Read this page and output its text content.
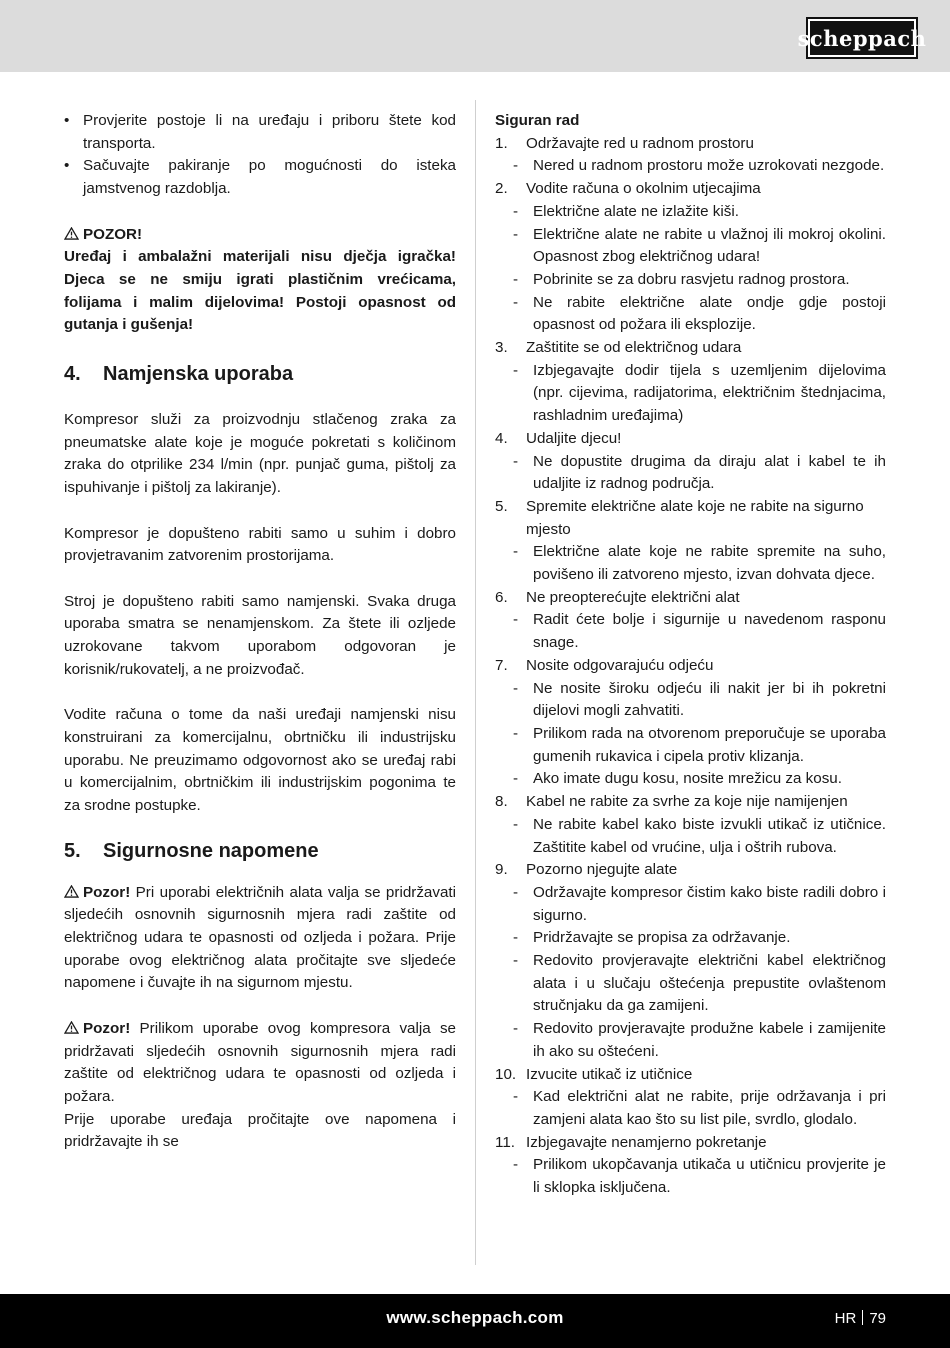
scheppach
• Provjerite postoje li na uređaju i priboru štete kod transporta.
• Sačuvajte pakiranje po mogućnosti do isteka jamstvenog razdoblja.
POZOR!
Uređaj i ambalažni materijali nisu dječja igračka! Djeca se ne smiju igrati plastičnim vrećicama, folijama i malim dijelovima! Postoji opasnost od gutanja i gušenja!
4.	Namjenska uporaba
Kompresor služi za proizvodnju stlačenog zraka za pneumatske alate koje je moguće pokretati s količinom zraka do otprilike 234 l/min (npr. punjač guma, pištolj za ispuhivanje i pištolj za lakiranje).
Kompresor je dopušteno rabiti samo u suhim i dobro provjetravanim zatvorenim prostorijama.
Stroj je dopušteno rabiti samo namjenski. Svaka druga uporaba smatra se nenamjenskom. Za štete ili ozljede uzrokovane takvom uporabom odgovoran je korisnik/rukovatelj, a ne proizvođač.
Vodite računa o tome da naši uređaji namjenski nisu konstruirani za komercijalnu, obrtničku ili industrijsku uporabu. Ne preuzimamo odgovornost ako se uređaj rabi u komercijalnim, obrtničkim ili industrijskim pogonima te za srodne postupke.
5.	Sigurnosne napomene
Pozor! Pri uporabi električnih alata valja se pridržavati sljedećih osnovnih sigurnosnih mjera radi zaštite od električnog udara te opasnosti od ozljeda i požara. Prije uporabe ovog električnog alata pročitajte sve sljedeće napomene i čuvajte ih na sigurnom mjestu.
Pozor! Prilikom uporabe ovog kompresora valja se pridržavati sljedećih osnovnih sigurnosnih mjera radi zaštite od električnog udara te opasnosti od ozljeda i požara.
Prije uporabe uređaja pročitajte ove napomena i pridržavajte ih se
Siguran rad
1. Održavajte red u radnom prostoru
- Nered u radnom prostoru može uzrokovati nezgode.
2. Vodite računa o okolnim utjecajima
- Električne alate ne izlažite kiši.
- Električne alate ne rabite u vlažnoj ili mokroj okolini. Opasnost zbog električnog udara!
- Pobrinite se za dobru rasvjetu radnog prostora.
- Ne rabite električne alate ondje gdje postoji opasnost od požara ili eksplozije.
3. Zaštitite se od električnog udara
- Izbjegavajte dodir tijela s uzemljenim dijelovima (npr. cijevima, radijatorima, električnim štednjacima, rashladnim uređajima)
4. Udaljite djecu!
- Ne dopustite drugima da diraju alat i kabel te ih udaljite iz radnog područja.
5. Spremite električne alate koje ne rabite na sigurno mjesto
- Električne alate koje ne rabite spremite na suho, povišeno ili zatvoreno mjesto, izvan dohvata djece.
6. Ne preopterećujte električni alat
- Radit ćete bolje i sigurnije u navedenom rasponu snage.
7. Nosite odgovarajuću odjeću
- Ne nosite široku odjeću ili nakit jer bi ih pokretni dijelovi mogli zahvatiti.
- Prilikom rada na otvorenom preporučuje se uporaba gumenih rukavica i cipela protiv klizanja.
- Ako imate dugu kosu, nosite mrežicu za kosu.
8. Kabel ne rabite za svrhe za koje nije namijenjen
- Ne rabite kabel kako biste izvukli utikač iz utičnice. Zaštitite kabel od vrućine, ulja i oštrih rubova.
9. Pozorno njegujte alate
- Održavajte kompresor čistim kako biste radili dobro i sigurno.
- Pridržavajte se propisa za održavanje.
- Redovito provjeravajte električni kabel električnog alata i u slučaju oštećenja prepustite ovlaštenom stručnjaku da ga zamijeni.
- Redovito provjeravajte produžne kabele i zamijenite ih ako su oštećeni.
10. Izvucite utikač iz utičnice
- Kad električni alat ne rabite, prije održavanja i pri zamjeni alata kao što su list pile, svrdlo, glodalo.
11. Izbjegavajte nenamjerno pokretanje
- Prilikom ukopčavanja utikača u utičnicu provjerite je li sklopka isključena.
www.scheppach.com	HR 79
